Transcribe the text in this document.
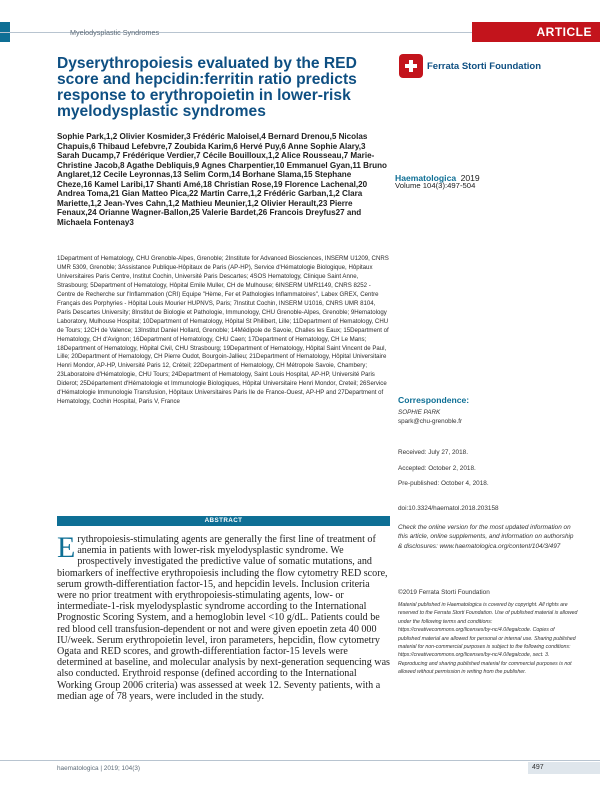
Myelodysplastic Syndromes	ARTICLE
Dyserythropoiesis evaluated by the RED score and hepcidin:ferritin ratio predicts response to erythropoietin in lower-risk myelodysplastic syndromes
Ferrata Storti Foundation

Sophie Park,1,2 Olivier Kosmider,3 Frédéric Maloisel,4 Bernard Drenou,5 Nicolas Chapuis,6 Thibaud Lefebvre,7 Zoubida Karim,6 Hervé Puy,6 Anne Sophie Alary,3 Sarah Ducamp,7 Frédérique Verdier,7 Cécile Bouilloux,1,2 Alice Rousseau,7 Marie-Christine Jacob,8 Agathe Debliquis,9 Agnes Charpentier,10 Emmanuel Gyan,11 Bruno Anglaret,12 Cecile Leyronnas,13 Selim Corm,14 Borhane Slama,15 Stephane Cheze,16 Kamel Laribi,17 Shanti Amé,18 Christian Rose,19 Florence Lachenal,20 Andrea Toma,21 Gian Matteo Pica,22 Martin Carre,1,2 Frédéric Garban,1,2 Clara Mariette,1,2 Jean-Yves Cahn,1,2 Mathieu Meunier,1,2 Olivier Herault,23 Pierre Fenaux,24 Orianne Wagner-Ballon,25 Valerie Bardet,26 Francois Dreyfus27 and Michaela Fontenay3

Haematologica 2019
Volume 104(3):497-504

1Department of Hematology, CHU Grenoble-Alpes, Grenoble; 2Institute for Advanced Biosciences, INSERM U1209, CNRS UMR 5309, Grenoble; 3Assistance Publique-Hôpitaux de Paris (AP-HP), Service d'Hématologie Biologique, Hôpitaux Universitaires Paris Centre, Institut Cochin, Université Paris Descartes; 4SOS Hematology, Clinique Saint Anne, Strasbourg; 5Department of Hematology, Hôpital Emile Muller, CH de Mulhouse; 6INSERM UMR1149, CNRS 8252 - Centre de Recherche sur l'Inflammation (CRI) Equipe "Hème, Fer et Pathologies Inflammatoires", Labex GREX, Centre Français des Porphyries - Hôpital Louis Mourier HUPNVS, Paris; 7Institut Cochin, INSERM U1016, CNRS UMR 8104, Paris Descartes University; 8Institut de Biologie et Pathologie, Immunology, CHU Grenoble-Alpes, Grenoble; 9Hematology Laboratory, Mulhouse Hospital; 10Department of Hematology, Hôpital St Philibert, Lille; 11Department of Hematology, CHU de Tours; 12CH de Valence; 13Institut Daniel Hollard, Grenoble; 14Médipole de Savoie, Challes les Eaux; 15Department of Hematology, CH d'Avignon; 16Department of Hematology, CHU Caen; 17Department of Hematology, CH Le Mans; 18Department of Hematology, Hôpital Civil, CHU Strasbourg; 19Department of Hematology, Hôpital Saint Vincent de Paul, Lille; 20Department of Hematology, CH Pierre Oudot, Bourgoin-Jallieu; 21Department of Hematology, Hôpital Universitaire Henri Mondor, AP-HP, Université Paris 12, Créteil; 22Department of Hematology, CH Métropole Savoie, Chambery; 23Laboratoire d'Hématologie, CHU Tours; 24Department of Hematology, Saint Louis Hospital, AP-HP, Université Paris Diderot; 25Département d'Hématologie et Immunologie Biologiques, Hôpital Universitaire Henri Mondor, Creteil; 26Service d'Hématologie Immunologie Transfusion, Hôpitaux Universitaires Paris Ile de France-Ouest, AP-HP and 27Department of Hematology, Cochin Hospital, Paris V, France	Correspondence:
SOPHIE PARK
spark@chu-grenoble.fr
Received: July 27, 2018.
Accepted: October 2, 2018.
Pre-published: October 4, 2018.
doi:10.3324/haematol.2018.203158

Check the online version for the most updated information on this article, online supplements, and information on authorship & disclosures: www.haematologica.org/content/104/3/497

©2019 Ferrata Storti Foundation

Material published in Haematologica is covered by copyright. All rights are reserved to the Ferrata Storti Foundation. Use of published material is allowed under the following terms and conditions: https://creativecommons.org/licenses/by-nc/4.0/legalcode. Copies of published material are allowed for personal or internal use. Sharing published material for non-commercial purposes is subject to the following conditions: https://creativecommons.org/licenses/by-nc/4.0/legalcode, sect. 3. Reproducing and sharing published material for commercial purposes is not allowed without permission in writing from the publisher.

ABSTRACT
E rythropoiesis-stimulating agents are generally the first line of treatment of anemia in patients with lower-risk myelodysplastic syndrome. We prospectively investigated the predictive value of somatic mutations, and biomarkers of ineffective erythropoiesis including the flow cytometry RED score, serum growth-differentiation factor-15, and hepcidin levels. Inclusion criteria were no prior treatment with erythropoiesis-stimulating agents, low- or intermediate-1-risk myelodysplastic syndrome according to the International Prognostic Scoring System, and a hemoglobin level <10 g/dL. Patients could be red blood cell transfusion-dependent or not and were given epoetin zeta 40 000 IU/week. Serum erythropoietin level, iron parameters, hepcidin, flow cytometry Ogata and RED scores, and growth-differentiation factor-15 levels were determined at baseline, and molecular analysis by next-generation sequencing was also conducted. Erythroid response (defined according to the International Working Group 2006 criteria) was assessed at week 12. Seventy patients, with a median age of 78 years, were included in the study.
haematologica | 2019; 104(3)	497
